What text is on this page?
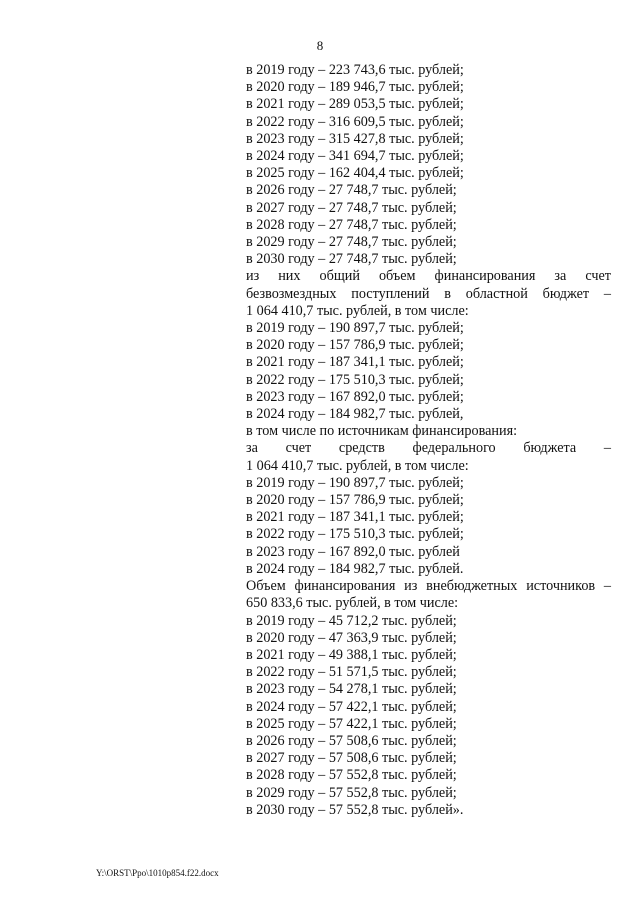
8
в 2019 году – 223 743,6 тыс. рублей;
в 2020 году – 189 946,7 тыс. рублей;
в 2021 году – 289 053,5 тыс. рублей;
в 2022 году – 316 609,5 тыс. рублей;
в 2023 году – 315 427,8 тыс. рублей;
в 2024 году – 341 694,7 тыс. рублей;
в 2025 году – 162 404,4 тыс. рублей;
в 2026 году – 27 748,7 тыс. рублей;
в 2027 году – 27 748,7 тыс. рублей;
в 2028 году – 27 748,7 тыс. рублей;
в 2029 году – 27 748,7 тыс. рублей;
в 2030 году – 27 748,7 тыс. рублей;
из них общий объем финансирования за счет
безвозмездных поступлений в областной бюджет –
1 064 410,7 тыс. рублей, в том числе:
в 2019 году – 190 897,7 тыс. рублей;
в 2020 году – 157 786,9 тыс. рублей;
в 2021 году – 187 341,1 тыс. рублей;
в 2022 году – 175 510,3 тыс. рублей;
в 2023 году – 167 892,0 тыс. рублей;
в 2024 году – 184 982,7 тыс. рублей,
в том числе по источникам финансирования:
за счет средств федерального бюджета –
1 064 410,7 тыс. рублей, в том числе:
в 2019 году – 190 897,7 тыс. рублей;
в 2020 году – 157 786,9 тыс. рублей;
в 2021 году – 187 341,1 тыс. рублей;
в 2022 году – 175 510,3 тыс. рублей;
в 2023 году – 167 892,0 тыс. рублей
в 2024 году – 184 982,7 тыс. рублей.
Объем финансирования из внебюджетных источников –
650 833,6 тыс. рублей, в том числе:
в 2019 году – 45 712,2 тыс. рублей;
в 2020 году – 47 363,9 тыс. рублей;
в 2021 году – 49 388,1 тыс. рублей;
в 2022 году – 51 571,5 тыс. рублей;
в 2023 году – 54 278,1 тыс. рублей;
в 2024 году – 57 422,1 тыс. рублей;
в 2025 году – 57 422,1 тыс. рублей;
в 2026 году – 57 508,6 тыс. рублей;
в 2027 году – 57 508,6 тыс. рублей;
в 2028 году – 57 552,8 тыс. рублей;
в 2029 году – 57 552,8 тыс. рублей;
в 2030 году – 57 552,8 тыс. рублей».
Y:\ORST\Ppo\1010p854.f22.docx
